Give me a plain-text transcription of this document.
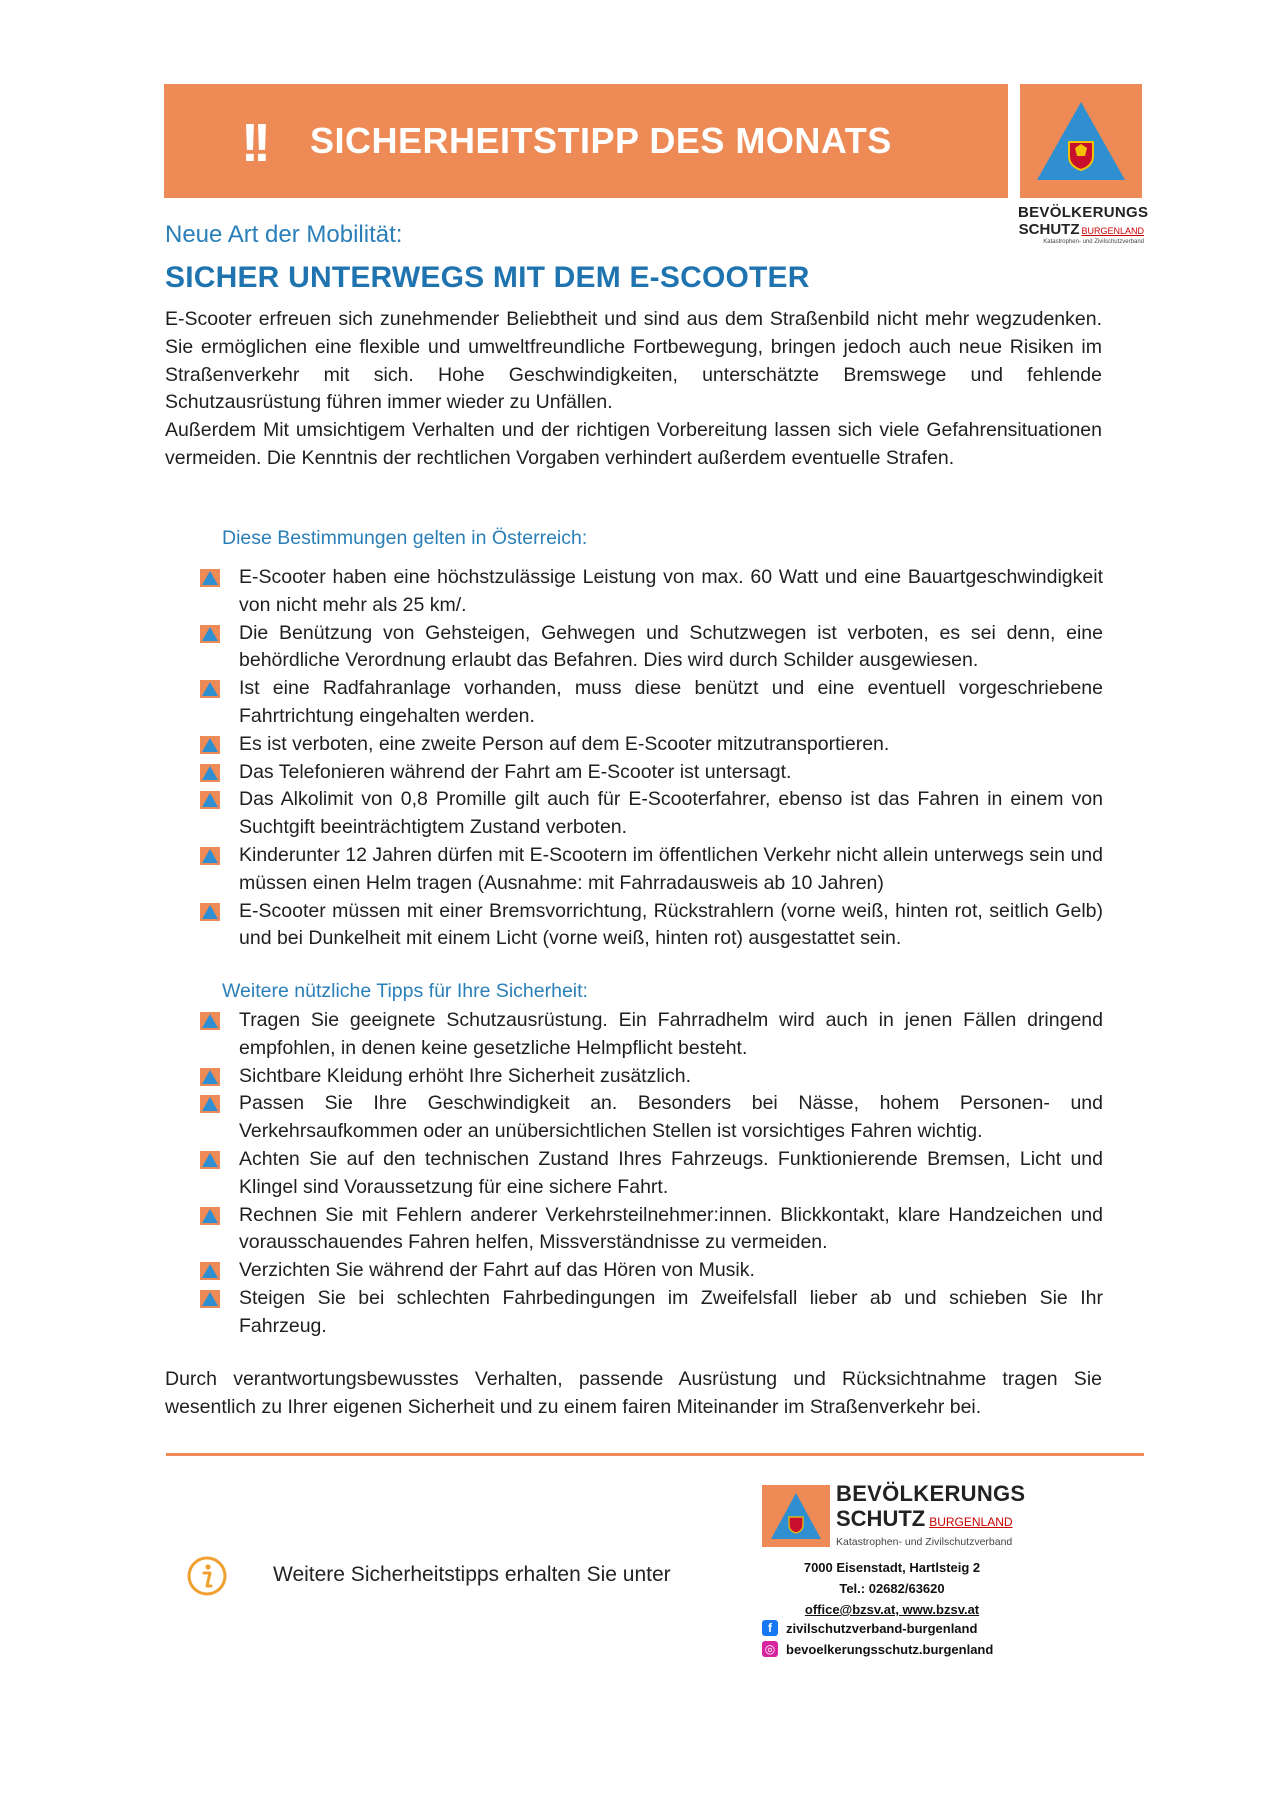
!! SICHERHEITSTIPP DES MONATS
BEVÖLKERUNGS
SCHUTZ BURGENLAND
Katastrophen- und Zivilschutzverband
Neue Art der Mobilität:
SICHER UNTERWEGS MIT DEM E-SCOOTER

E-Scooter erfreuen sich zunehmender Beliebtheit und sind aus dem Straßenbild nicht mehr wegzudenken. Sie ermöglichen eine flexible und umweltfreundliche Fortbewegung, bringen jedoch auch neue Risiken im Straßenverkehr mit sich. Hohe Geschwindigkeiten, unterschätzte Bremswege und fehlende Schutzausrüstung führen immer wieder zu Unfällen.

Außerdem Mit umsichtigem Verhalten und der richtigen Vorbereitung lassen sich viele Gefahrensituationen vermeiden. Die Kenntnis der rechtlichen Vorgaben verhindert außerdem eventuelle Strafen.

Diese Bestimmungen gelten in Österreich:
E-Scooter haben eine höchstzulässige Leistung von max. 60 Watt und eine Bauartgeschwindigkeit von nicht mehr als 25 km/.
Die Benützung von Gehsteigen, Gehwegen und Schutzwegen ist verboten, es sei denn, eine behördliche Verordnung erlaubt das Befahren. Dies wird durch Schilder ausgewiesen.
Ist eine Radfahranlage vorhanden, muss diese benützt und eine eventuell vorgeschriebene Fahrtrichtung eingehalten werden.
Es ist verboten, eine zweite Person auf dem E-Scooter mitzutransportieren.
Das Telefonieren während der Fahrt am E-Scooter ist untersagt.
Das Alkolimit von 0,8 Promille gilt auch für E-Scooterfahrer, ebenso ist das Fahren in einem von Suchtgift beeinträchtigtem Zustand verboten.
Kinderunter 12 Jahren dürfen mit E-Scootern im öffentlichen Verkehr nicht allein unterwegs sein und müssen einen Helm tragen (Ausnahme: mit Fahrradausweis ab 10 Jahren)
E-Scooter müssen mit einer Bremsvorrichtung, Rückstrahlern (vorne weiß, hinten rot, seitlich Gelb) und bei Dunkelheit mit einem Licht (vorne weiß, hinten rot) ausgestattet sein.
Weitere nützliche Tipps für Ihre Sicherheit:
Tragen Sie geeignete Schutzausrüstung. Ein Fahrradhelm wird auch in jenen Fällen dringend empfohlen, in denen keine gesetzliche Helmpflicht besteht.
Sichtbare Kleidung erhöht Ihre Sicherheit zusätzlich.
Passen Sie Ihre Geschwindigkeit an. Besonders bei Nässe, hohem Personen- und Verkehrsaufkommen oder an unübersichtlichen Stellen ist vorsichtiges Fahren wichtig.
Achten Sie auf den technischen Zustand Ihres Fahrzeugs. Funktionierende Bremsen, Licht und Klingel sind Voraussetzung für eine sichere Fahrt.
Rechnen Sie mit Fehlern anderer Verkehrsteilnehmer:innen. Blickkontakt, klare Handzeichen und vorausschauendes Fahren helfen, Missverständnisse zu vermeiden.
Verzichten Sie während der Fahrt auf das Hören von Musik.
Steigen Sie bei schlechten Fahrbedingungen im Zweifelsfall lieber ab und schieben Sie Ihr Fahrzeug.
Durch verantwortungsbewusstes Verhalten, passende Ausrüstung und Rücksichtnahme tragen Sie wesentlich zu Ihrer eigenen Sicherheit und zu einem fairen Miteinander im Straßenverkehr bei.
Weitere Sicherheitstipps erhalten Sie unter
BEVÖLKERUNGS
SCHUTZ BURGENLAND
Katastrophen- und Zivilschutzverband
7000 Eisenstadt, Hartlsteig 2
Tel.: 02682/63620
office@bzsv.at, www.bzsv.at
f	zivilschutzverband-burgenland
◎ bevoelkerungsschutz.burgenland
